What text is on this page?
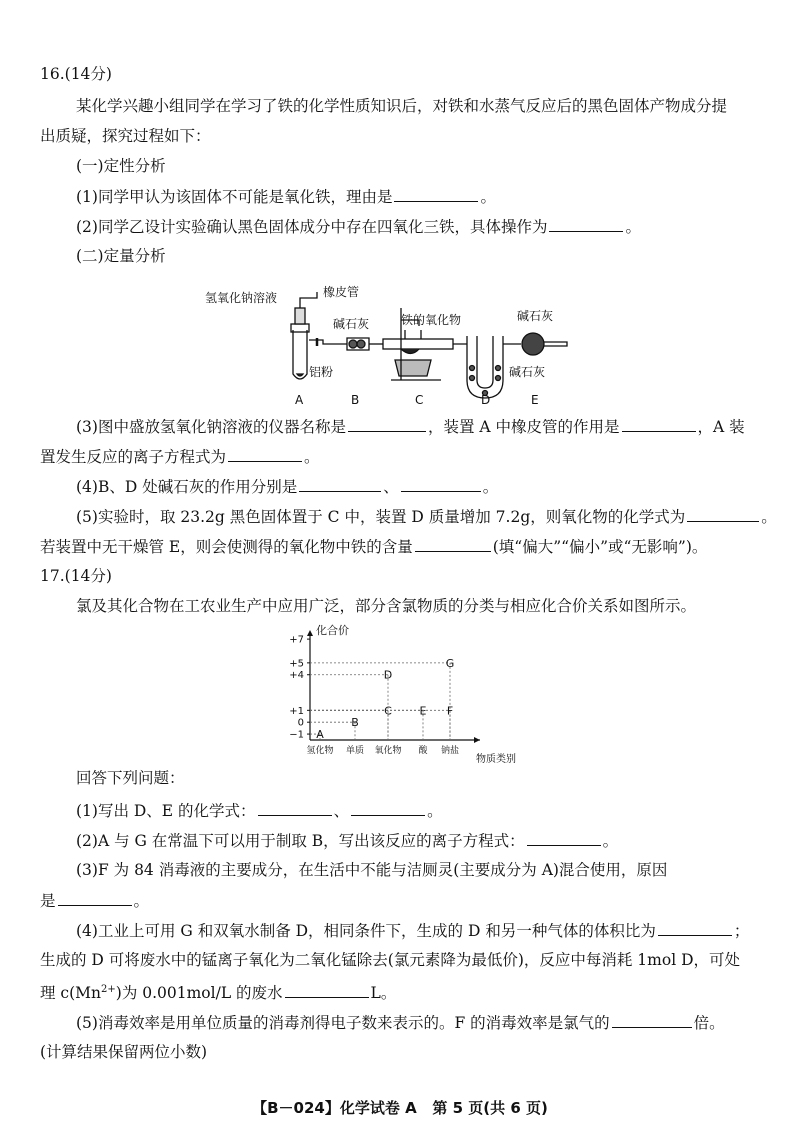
16.(14分)
某化学兴趣小组同学在学习了铁的化学性质知识后，对铁和水蒸气反应后的黑色固体产物成分提
出质疑，探究过程如下：
(一)定性分析
(1)同学甲认为该固体不可能是氧化铁，理由是	。
(2)同学乙设计实验确认黑色固体成分中存在四氧化三铁，具体操作为	。
(二)定量分析
氢氧化钠溶液	橡皮管
碱石灰	铁的氧化物	碱石灰
铝粉	碱石灰
A	B	C	D	E
(3)图中盛放氢氧化钠溶液的仪器名称是	，装置 A 中橡皮管的作用是	，A 装
置发生反应的离子方程式为	。
(4)B、D 处碱石灰的作用分别是	、	。
(5)实验时，取 23.2g 黑色固体置于 C 中，装置 D 质量增加 7.2g，则氧化物的化学式为	。
若装置中无干燥管 E，则会使测得的氧化物中铁的含量	(填“偏大”“偏小”或“无影响”)。
17.(14分)
氯及其化合物在工农业生产中应用广泛，部分含氯物质的分类与相应化合价关系如图所示。
化合价
物质类别
−1
0
+1
+4
+5
+7
氢化物 单质 氧化物 酸 钠盐
A
B
C
D
E F
G
回答下列问题：
(1)写出 D、E 的化学式：	、	。
(2)A 与 G 在常温下可以用于制取 B，写出该反应的离子方程式：	。
(3)F 为 84 消毒液的主要成分，在生活中不能与洁厕灵(主要成分为 A)混合使用，原因
是	。
(4)工业上可用 G 和双氧水制备 D，相同条件下，生成的 D 和另一种气体的体积比为	；
生成的 D 可将废水中的锰离子氧化为二氧化锰除去(氯元素降为最低价)，反应中每消耗 1mol D，可处
理 $c(Mn^{2+})$为 0.001mol/L 的废水	L。
(5)消毒效率是用单位质量的消毒剂得电子数来表示的。F 的消毒效率是氯气的	倍。
(计算结果保留两位小数)
【B－024】化学试卷 A 第 5 页(共 6 页)
